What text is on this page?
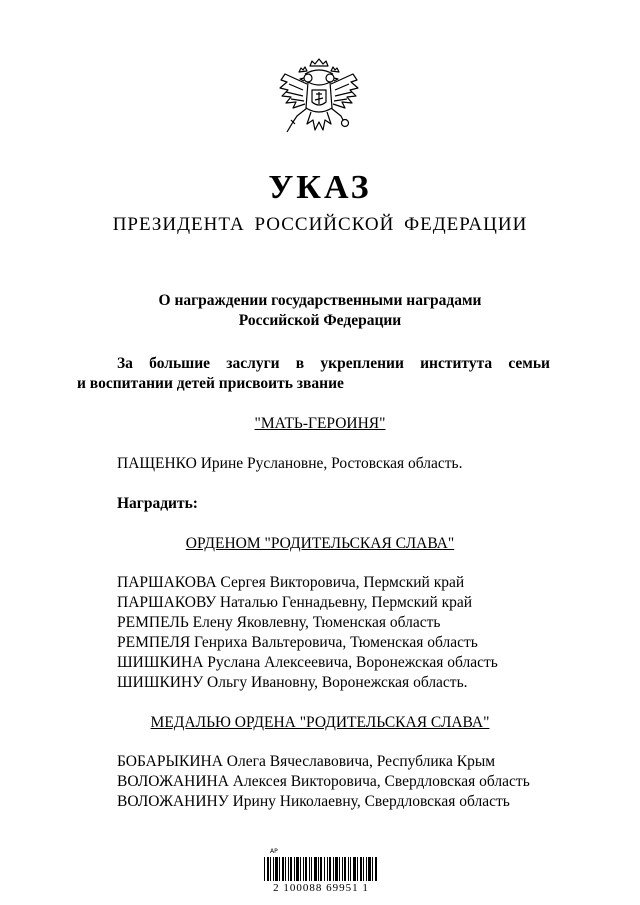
УКАЗ
ПРЕЗИДЕНТА РОССИЙСКОЙ ФЕДЕРАЦИИ
О награждении государственными наградами
Российской Федерации
За большие заслуги в укреплении института семьи
и воспитании детей присвоить звание
"МАТЬ-ГЕРОИНЯ"
ПАЩЕНКО Ирине Руслановне, Ростовская область.
Наградить:
ОРДЕНОМ "РОДИТЕЛЬСКАЯ СЛАВА"
ПАРШАКОВА Сергея Викторовича, Пермский край
ПАРШАКОВУ Наталью Геннадьевну, Пермский край
РЕМПЕЛЬ Елену Яковлевну, Тюменская область
РЕМПЕЛЯ Генриха Вальтеровича, Тюменская область
ШИШКИНА Руслана Алексеевича, Воронежская область
ШИШКИНУ Ольгу Ивановну, Воронежская область.
МЕДАЛЬЮ ОРДЕНА "РОДИТЕЛЬСКАЯ СЛАВА"
БОБАРЫКИНА Олега Вячеславовича, Республика Крым
ВОЛОЖАНИНА Алексея Викторовича, Свердловская область
ВОЛОЖАНИНУ Ирину Николаевну, Свердловская область
АР
2 100088 69951 1
